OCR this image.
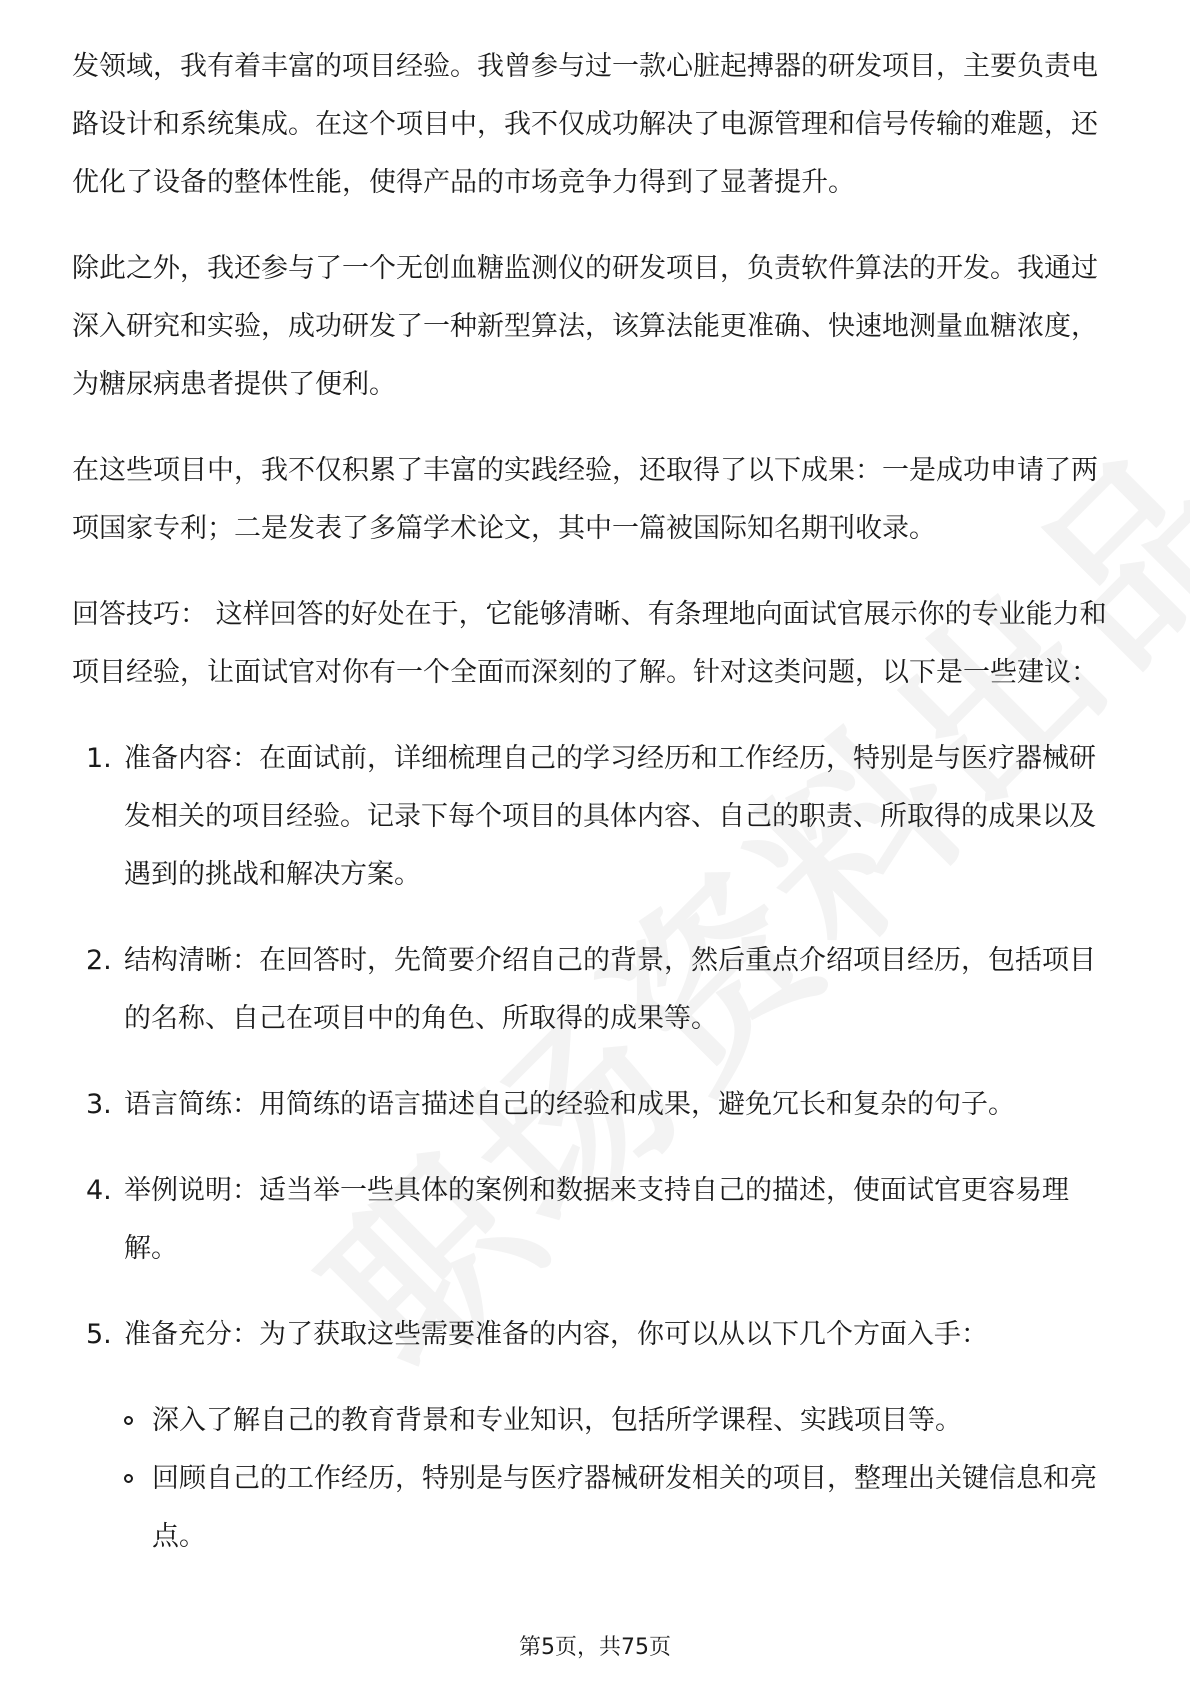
发领域，我有着丰富的项目经验。我曾参与过一款心脏起搏器的研发项目，主要负责电路设计和系统集成。在这个项目中，我不仅成功解决了电源管理和信号传输的难题，还优化了设备的整体性能，使得产品的市场竞争力得到了显著提升。

除此之外，我还参与了一个无创血糖监测仪的研发项目，负责软件算法的开发。我通过深入研究和实验，成功研发了一种新型算法，该算法能更准确、快速地测量血糖浓度，为糖尿病患者提供了便利。

在这些项目中，我不仅积累了丰富的实践经验，还取得了以下成果：一是成功申请了两项国家专利；二是发表了多篇学术论文，其中一篇被国际知名期刊收录。

回答技巧： 这样回答的好处在于，它能够清晰、有条理地向面试官展示你的专业能力和项目经验，让面试官对你有一个全面而深刻的了解。针对这类问题，以下是一些建议：

1. 准备内容：在面试前，详细梳理自己的学习经历和工作经历，特别是与医疗器械研发相关的项目经验。记录下每个项目的具体内容、自己的职责、所取得的成果以及遇到的挑战和解决方案。
2. 结构清晰：在回答时，先简要介绍自己的背景，然后重点介绍项目经历，包括项目的名称、自己在项目中的角色、所取得的成果等。
3. 语言简练：用简练的语言描述自己的经验和成果，避免冗长和复杂的句子。
4. 举例说明：适当举一些具体的案例和数据来支持自己的描述，使面试官更容易理解。
5. 准备充分：为了获取这些需要准备的内容，你可以从以下几个方面入手：
深入了解自己的教育背景和专业知识，包括所学课程、实践项目等。
回顾自己的工作经历，特别是与医疗器械研发相关的项目，整理出关键信息和亮点。
第5页，共75页
